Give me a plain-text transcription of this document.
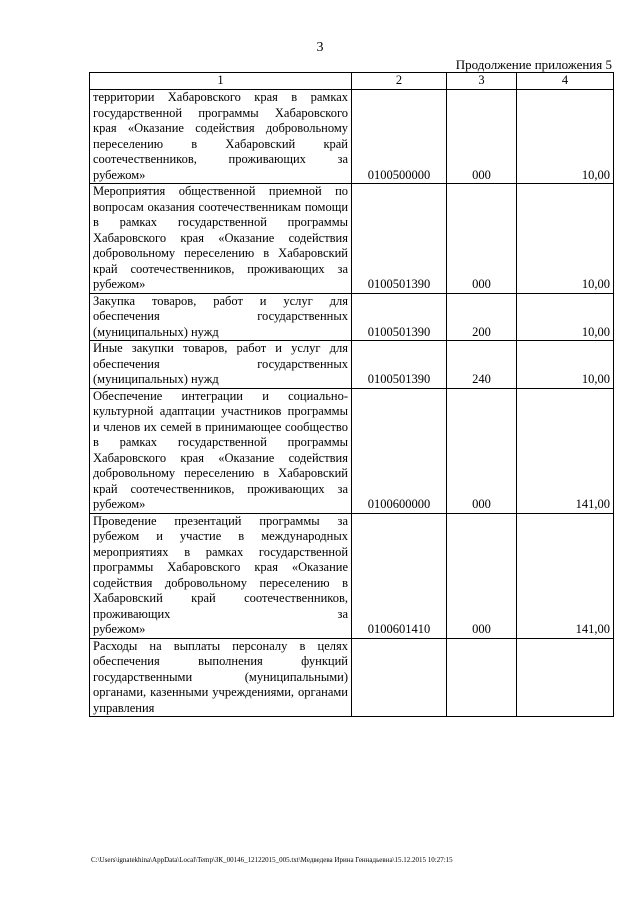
3
Продолжение приложения 5
1	2	3	4
территории Хабаровского края в рамках государственной программы Хабаровского края «Оказание содействия добровольному переселению в Хабаровский край соотечественников, проживающих за
рубежом»	0100500000	000	10,00
Мероприятия общественной приемной по вопросам оказания соотечественникам помощи в рамках государственной программы Хабаровского края «Оказание содействия добровольному переселению в Хабаровский край соотечественников, проживающих за
рубежом»	0100501390	000	10,00
Закупка товаров, работ и услуг для обеспечения государственных
(муниципальных) нужд	0100501390	200	10,00
Иные закупки товаров, работ и услуг для обеспечения государственных
(муниципальных) нужд	0100501390	240	10,00
Обеспечение интеграции и социально- культурной адаптации участников программы и членов их семей в принимающее сообщество в рамках государственной программы Хабаровского края «Оказание содействия добровольному переселению в Хабаровский край соотечественников, проживающих за
рубежом»	0100600000	000	141,00
Проведение презентаций программы за рубежом и участие в международных мероприятиях в рамках государственной программы Хабаровского края «Оказание содействия добровольному переселению в Хабаровский край соотечественников, проживающих за
рубежом»	0100601410	000	141,00
Расходы на выплаты персоналу в целях обеспечения выполнения функций государственными (муниципальными) органами, казенными учреждениями, органами управления			
C:\Users\ignatekhina\AppData\Local\Temp\ЗК_00146_12122015_005.txt\Медведева Ирина Геннадьевна\15.12.2015 10:27:15
